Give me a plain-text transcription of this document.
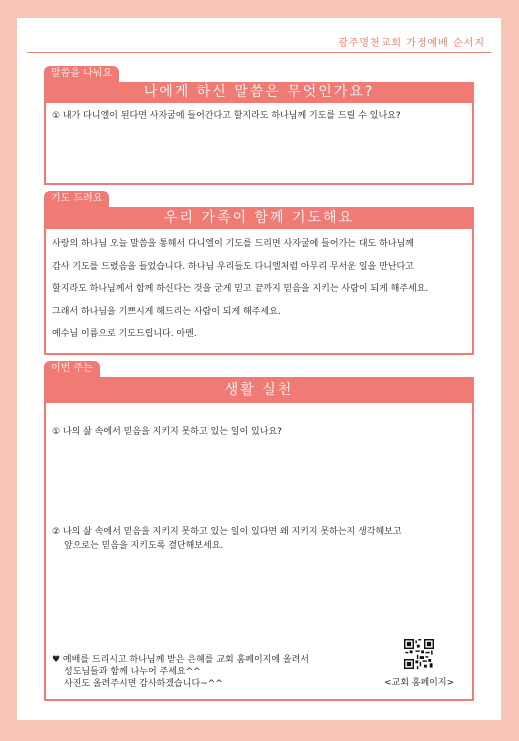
광주명천교회 가정예배 순서지
말씀을 나눠요
나에게 하신 말씀은 무엇인가요?
① 내가 다니엘이 된다면 사자굴에 들어간다고 할지라도 하나님께 기도를 드릴 수 있나요?
기도 드려요
우리 가족이 함께 기도해요
사랑의 하나님 오늘 말씀을 통해서 다니엘이 기도를 드리면 사자굴에 들어가는 대도 하나님께
감사 기도를 드렸음을 들었습니다. 하나님 우리들도 다니엘처럼 아무리 무서운 일을 만난다고
할지라도 하나님께서 함께 하신다는 것을 굳게 믿고 끝까지 믿음을 지키는 사람이 되게 해주세요.
그래서 하나님을 기쁘시게 해드리는 사람이 되게 해주세요.
예수님 이름으로 기도드립니다. 아멘.
이번 주는
생활 실천
① 나의 삶 속에서 믿음을 지키지 못하고 있는 일이 있나요?
② 나의 삶 속에서 믿음을 지키지 못하고 있는 일이 있다면 왜 지키지 못하는지 생각해보고
앞으로는 믿음을 지키도록 결단해보세요.
♥ 예배를 드리시고 하나님께 받은 은혜를 교회 홈페이지에 올려서
성도님들과 함께 나누어 주세요^^
사진도 올려주시면 감사하겠습니다~^^	<교회 홈페이지>
